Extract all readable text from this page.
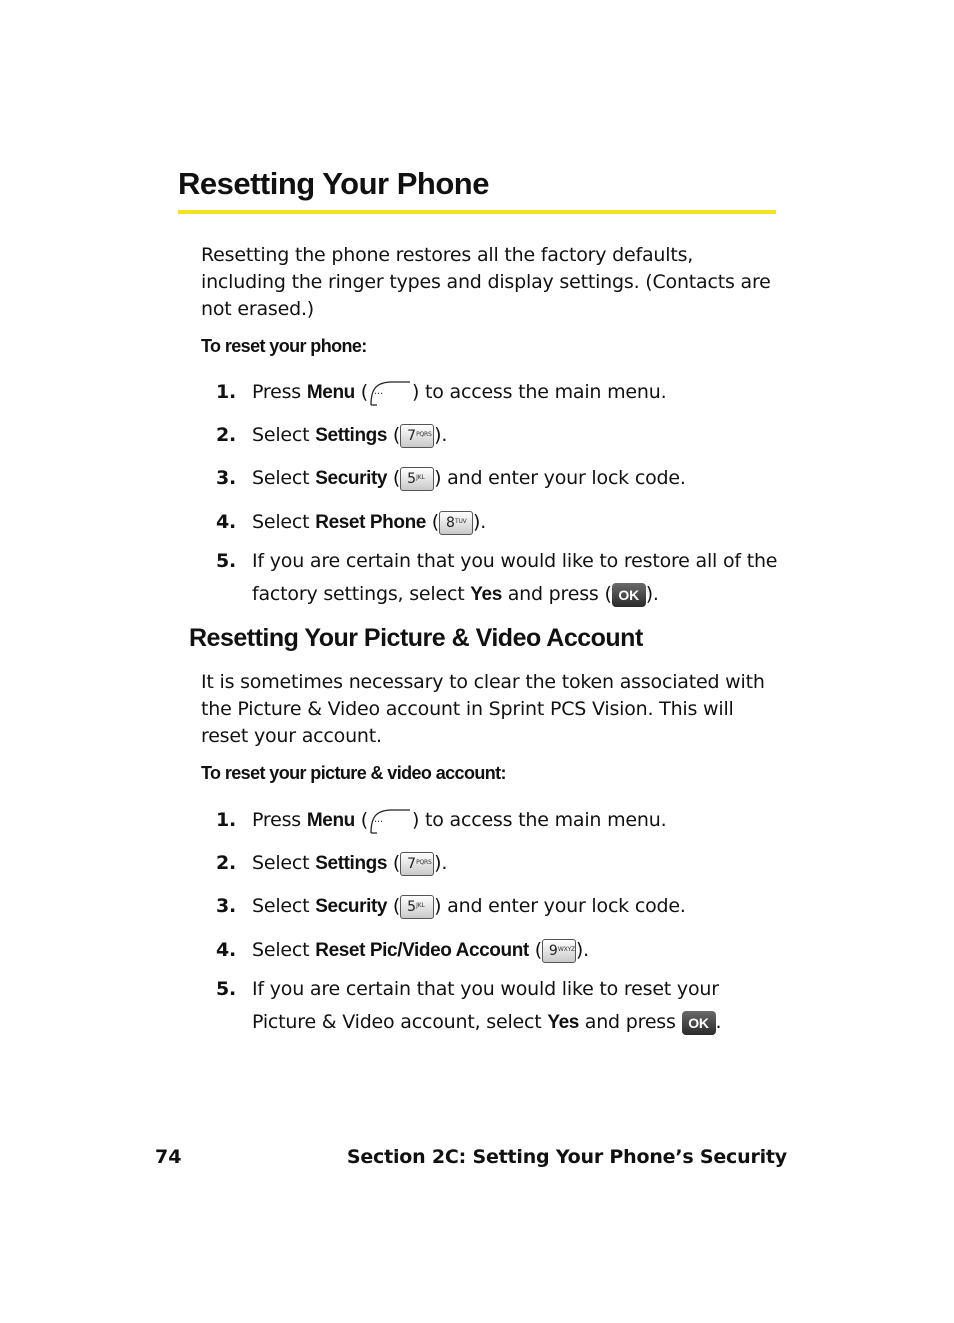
Resetting Your Phone

Resetting the phone restores all the factory defaults, including the ringer types and display settings. (Contacts are not erased.)

To reset your phone:

1. Press Menu ( ··· ) to access the main menu.
2. Select Settings ( 7 PQRS ).
3. Select Security ( 5 JKL ) and enter your lock code.
4. Select Reset Phone ( 8 TUV ).
5. If you are certain that you would like to restore all of the factory settings, select Yes and press ( OK ).
Resetting Your Picture & Video Account

It is sometimes necessary to clear the token associated with the Picture & Video account in Sprint PCS Vision. This will reset your account.

To reset your picture & video account:

1. Press Menu ( ··· ) to access the main menu.
2. Select Settings ( 7 PQRS ).
3. Select Security ( 5 JKL ) and enter your lock code.
4. Select Reset Pic/Video Account ( 9 WXYZ ).
5. If you are certain that you would like to reset your Picture & Video account, select Yes and press OK .

74	Section 2C: Setting Your Phone’s Security
